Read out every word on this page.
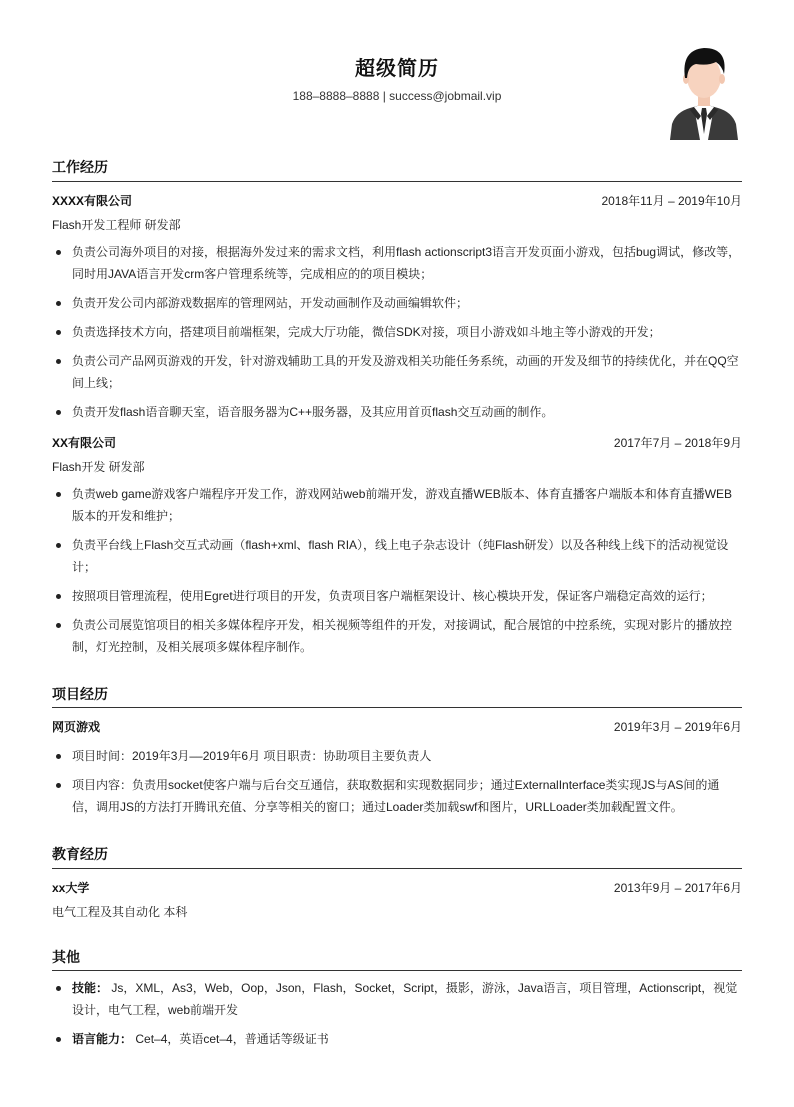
超级简历
188–8888–8888 | success@jobmail.vip
工作经历
XXXX有限公司	2018年11月 – 2019年10月
Flash开发工程师 研发部
负责公司海外项目的对接，根据海外发过来的需求文档，利用flash actionscript3语言开发页面小游戏，包括bug调试，修改等，同时用JAVA语言开发crm客户管理系统等，完成相应的的项目模块；
负责开发公司内部游戏数据库的管理网站，开发动画制作及动画编辑软件；
负责选择技术方向，搭建项目前端框架，完成大厅功能，微信SDK对接，项目小游戏如斗地主等小游戏的开发；
负责公司产品网页游戏的开发，针对游戏辅助工具的开发及游戏相关功能任务系统，动画的开发及细节的持续优化，并在QQ空间上线；
负责开发flash语音聊天室，语音服务器为C++服务器，及其应用首页flash交互动画的制作。
XX有限公司	2017年7月 – 2018年9月
Flash开发 研发部
负责web game游戏客户端程序开发工作，游戏网站web前端开发，游戏直播WEB版本、体育直播客户端版本和体育直播WEB版本的开发和维护；
负责平台线上Flash交互式动画（flash+xml、flash RIA），线上电子杂志设计（纯Flash研发）以及各种线上线下的活动视觉设计；
按照项目管理流程，使用Egret进行项目的开发，负责项目客户端框架设计、核心模块开发，保证客户端稳定高效的运行；
负责公司展览馆项目的相关多媒体程序开发，相关视频等组件的开发，对接调试，配合展馆的中控系统，实现对影片的播放控制，灯光控制，及相关展项多媒体程序制作。
项目经历
网页游戏	2019年3月 – 2019年6月
项目时间：2019年3月––2019年6月 项目职责：协助项目主要负责人
项目内容：负责用socket使客户端与后台交互通信，获取数据和实现数据同步；通过ExternalInterface类实现JS与AS间的通信，调用JS的方法打开腾讯充值、分享等相关的窗口；通过Loader类加载swf和图片，URLLoader类加载配置文件。
教育经历
xx大学	2013年9月 – 2017年6月
电气工程及其自动化 本科
其他
技能： Js，XML，As3，Web，Oop，Json，Flash，Socket，Script，摄影，游泳，Java语言，项目管理，Actionscript，视觉设计，电气工程，web前端开发
语言能力： Cet–4，英语cet–4，普通话等级证书
